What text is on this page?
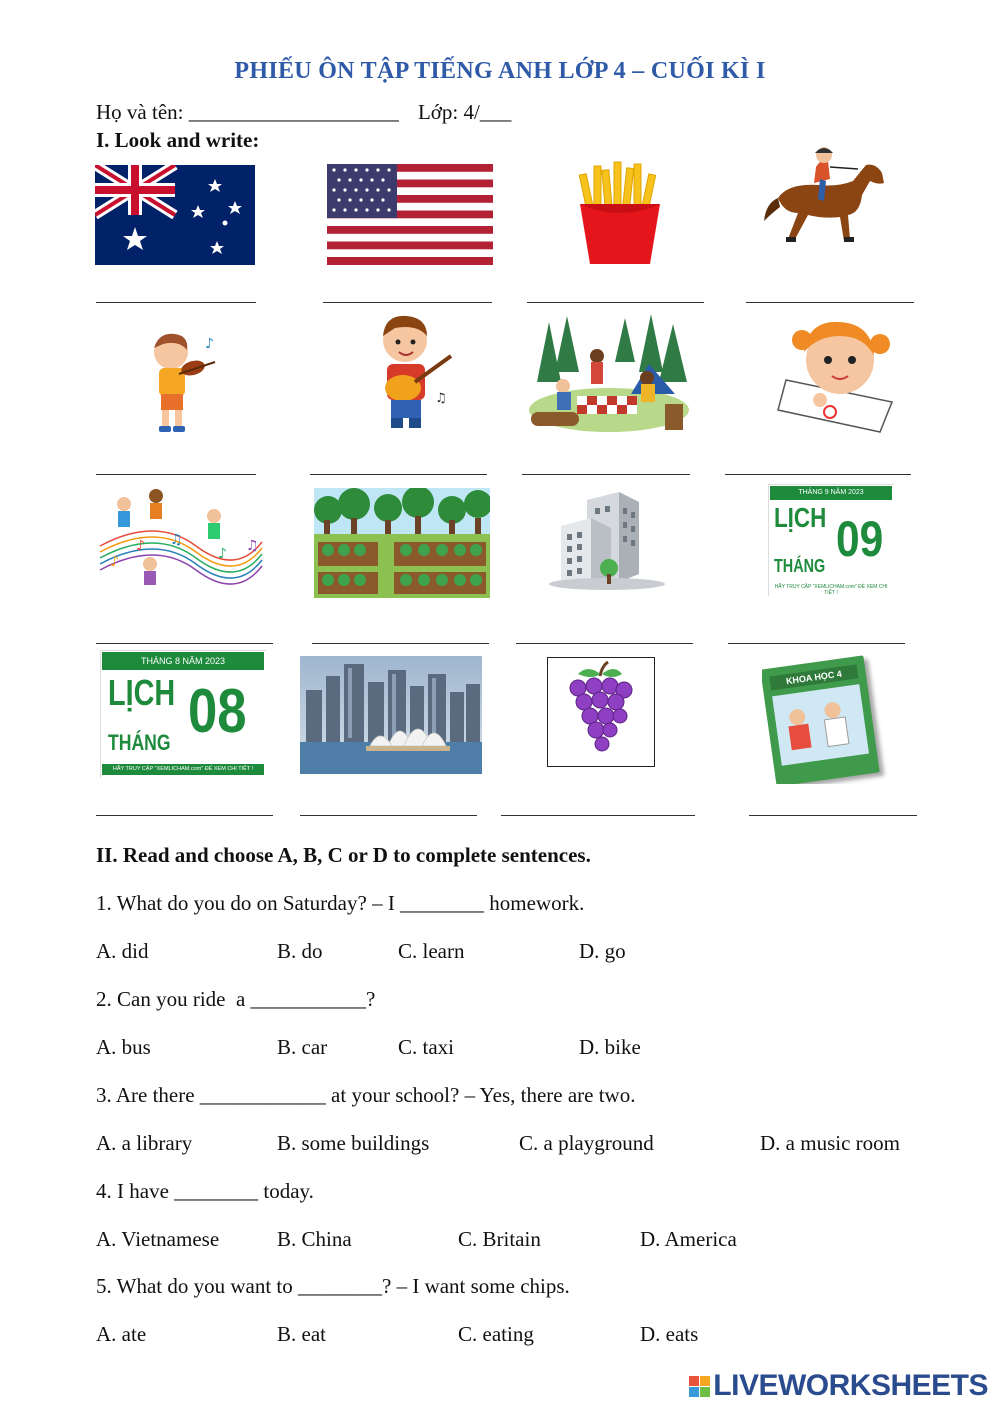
PHIẾU ÔN TẬP TIẾNG ANH LỚP 4 – CUỐI KÌ I
Họ và tên: ____________________ Lớp: 4/___
I. Look and write:
♪
♫
♪ ♫
♪ ♫
♪
THÁNG 9 NĂM 2023
LỊCH
THÁNG 09
HÃY TRUY CẬP "XEMLICHAM.com" ĐỂ XEM CHI TIẾT !
THÁNG 8 NĂM 2023
LỊCH
THÁNG 08
HÃY TRUY CẬP "XEMLICHAM.com" ĐỂ XEM CHI TIẾT !
KHOA HỌC 4
II. Read and choose A, B, C or D to complete sentences.
1. What do you do on Saturday? – I ________ homework.
A. did	B. do	C. learn	D. go
2. Can you ride  a ___________?
A. bus	B. car	C. taxi	D. bike
3. Are there ____________ at your school? – Yes, there are two.
A. a library	B. some buildings	C. a playground	D. a music room
4. I have ________ today.
A. Vietnamese	B. China	C. Britain	D. America
5. What do you want to ________? – I want some chips.
A. ate	B. eat	C. eating	D. eats
LIVEWORKSHEETS
